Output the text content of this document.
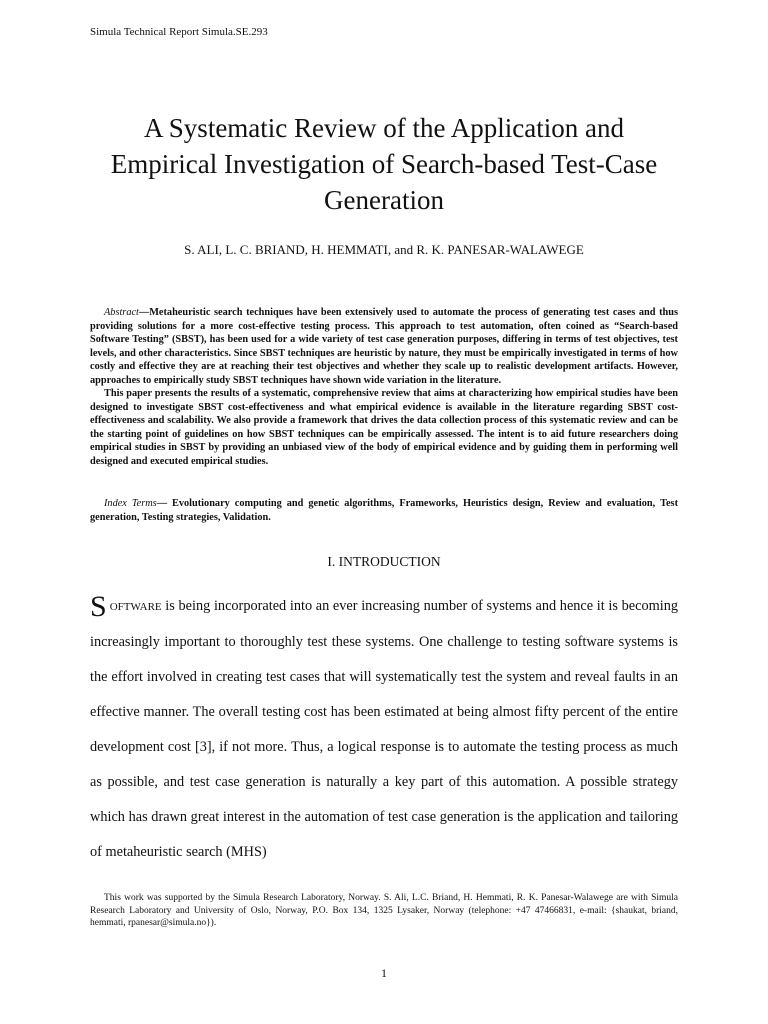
Simula Technical Report Simula.SE.293
A Systematic Review of the Application and Empirical Investigation of Search-based Test-Case Generation
S. ALI, L. C. BRIAND, H. HEMMATI, and R. K. PANESAR-WALAWEGE

Abstract—Metaheuristic search techniques have been extensively used to automate the process of generating test cases and thus providing solutions for a more cost-effective testing process. This approach to test automation, often coined as “Search-based Software Testing” (SBST), has been used for a wide variety of test case generation purposes, differing in terms of test objectives, test levels, and other characteristics. Since SBST techniques are heuristic by nature, they must be empirically investigated in terms of how costly and effective they are at reaching their test objectives and whether they scale up to realistic development artifacts. However, approaches to empirically study SBST techniques have shown wide variation in the literature.

This paper presents the results of a systematic, comprehensive review that aims at characterizing how empirical studies have been designed to investigate SBST cost-effectiveness and what empirical evidence is available in the literature regarding SBST cost-effectiveness and scalability. We also provide a framework that drives the data collection process of this systematic review and can be the starting point of guidelines on how SBST techniques can be empirically assessed. The intent is to aid future researchers doing empirical studies in SBST by providing an unbiased view of the body of empirical evidence and by guiding them in performing well designed and executed empirical studies.

Index Terms— Evolutionary computing and genetic algorithms, Frameworks, Heuristics design, Review and evaluation, Test generation, Testing strategies, Validation.
I. INTRODUCTION

SOFTWARE is being incorporated into an ever increasing number of systems and hence it is becoming increasingly important to thoroughly test these systems. One challenge to testing software systems is the effort involved in creating test cases that will systematically test the system and reveal faults in an effective manner. The overall testing cost has been estimated at being almost fifty percent of the entire development cost [3], if not more. Thus, a logical response is to automate the testing process as much as possible, and test case generation is naturally a key part of this automation. A possible strategy which has drawn great interest in the automation of test case generation is the application and tailoring of metaheuristic search (MHS)

This work was supported by the Simula Research Laboratory, Norway. S. Ali, L.C. Briand, H. Hemmati, R. K. Panesar-Walawege are with Simula Research Laboratory and University of Oslo, Norway, P.O. Box 134, 1325 Lysaker, Norway (telephone: +47 47466831, e-mail: {shaukat, briand, hemmati, rpanesar@simula.no}).
1
